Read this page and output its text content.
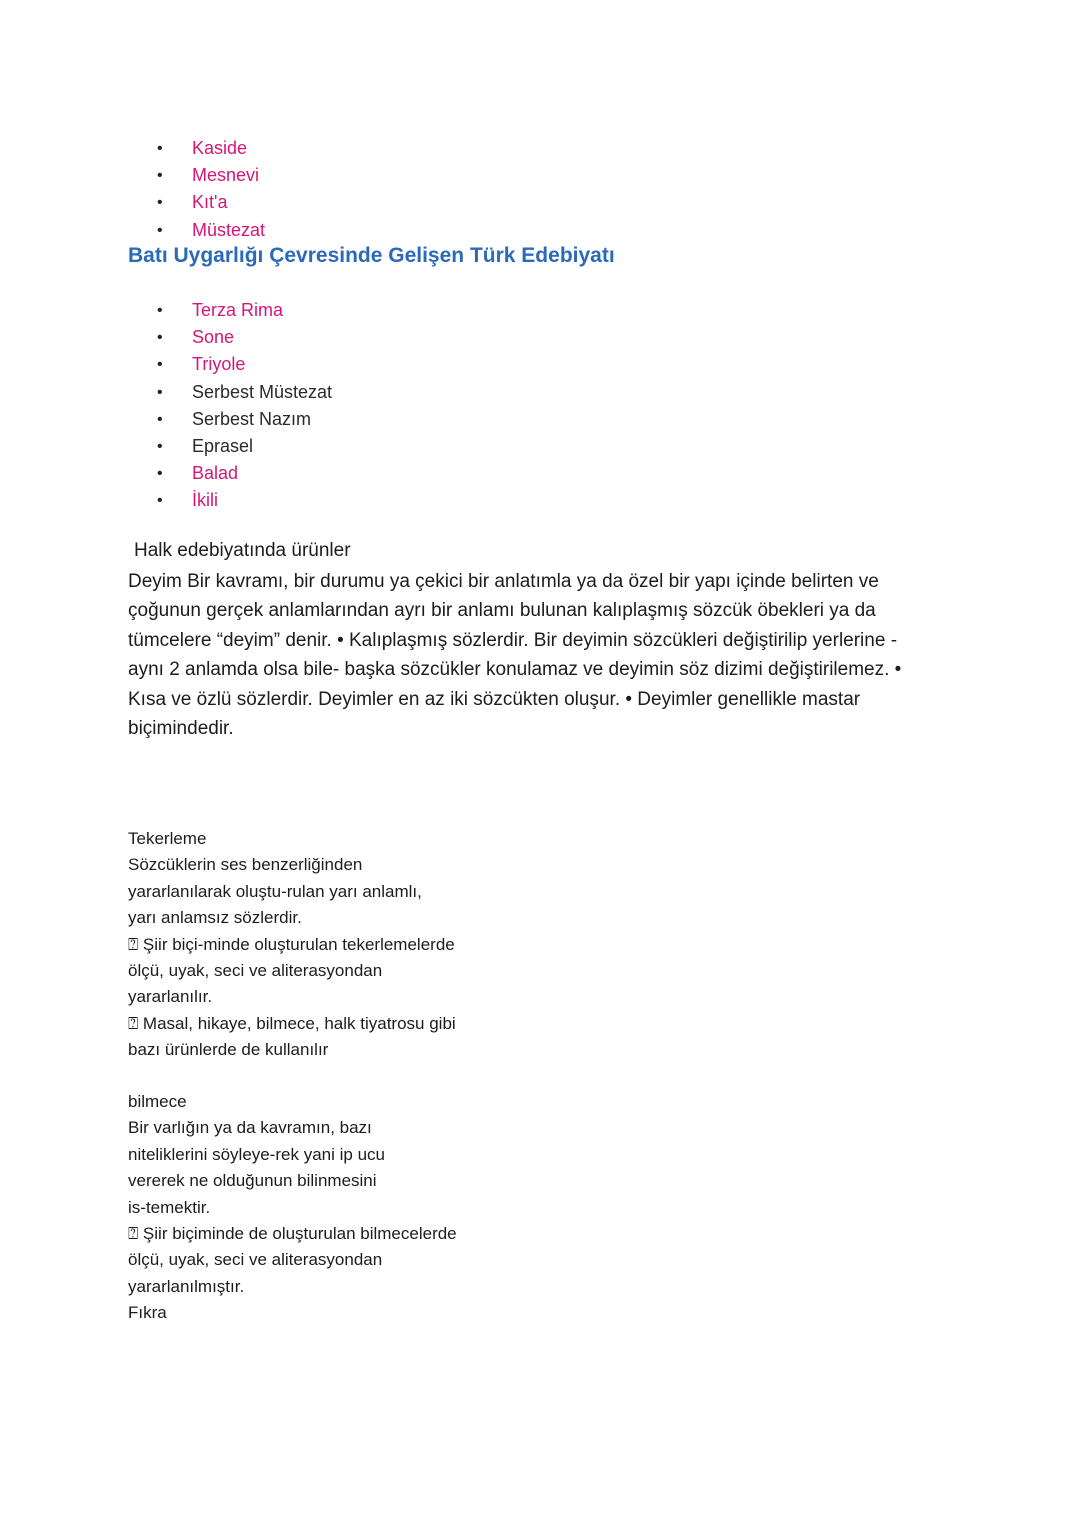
• Kaside
• Mesnevi
• Kıt'a
• Müstezat
Batı Uygarlığı Çevresinde Gelişen Türk Edebiyatı
• Terza Rima
• Sone
• Triyole
• Serbest Müstezat
• Serbest Nazım
• Eprasel
• Balad
• İkili
Halk edebiyatında ürünler
Deyim Bir kavramı, bir durumu ya çekici bir anlatımla ya da özel bir yapı içinde belirten ve
çoğunun gerçek anlamlarından ayrı bir anlamı bulunan kalıplaşmış sözcük öbekleri ya da
tümcelere “deyim” denir. • Kalıplaşmış sözlerdir. Bir deyimin sözcükleri değiştirilip yerlerine -
aynı 2 anlamda olsa bile- başka sözcükler konulamaz ve deyimin söz dizimi değiştirilemez. •
Kısa ve özlü sözlerdir. Deyimler en az iki sözcükten oluşur. • Deyimler genellikle mastar
biçimindedir.
Tekerleme
Sözcüklerin ses benzerliğinden
yararlanılarak oluştu-rulan yarı anlamlı,
yarı anlamsız sözlerdir.
⍰ Şiir biçi-minde oluşturulan tekerlemelerde
ölçü, uyak, seci ve aliterasyondan
yararlanılır.
⍰ Masal, hikaye, bilmece, halk tiyatrosu gibi
bazı ürünlerde de kullanılır
bilmece
Bir varlığın ya da kavramın, bazı
niteliklerini söyleye-rek yani ip ucu
vererek ne olduğunun bilinmesini
is-temektir.
⍰ Şiir biçiminde de oluşturulan bilmecelerde
ölçü, uyak, seci ve aliterasyondan
yararlanılmıştır.
Fıkra
